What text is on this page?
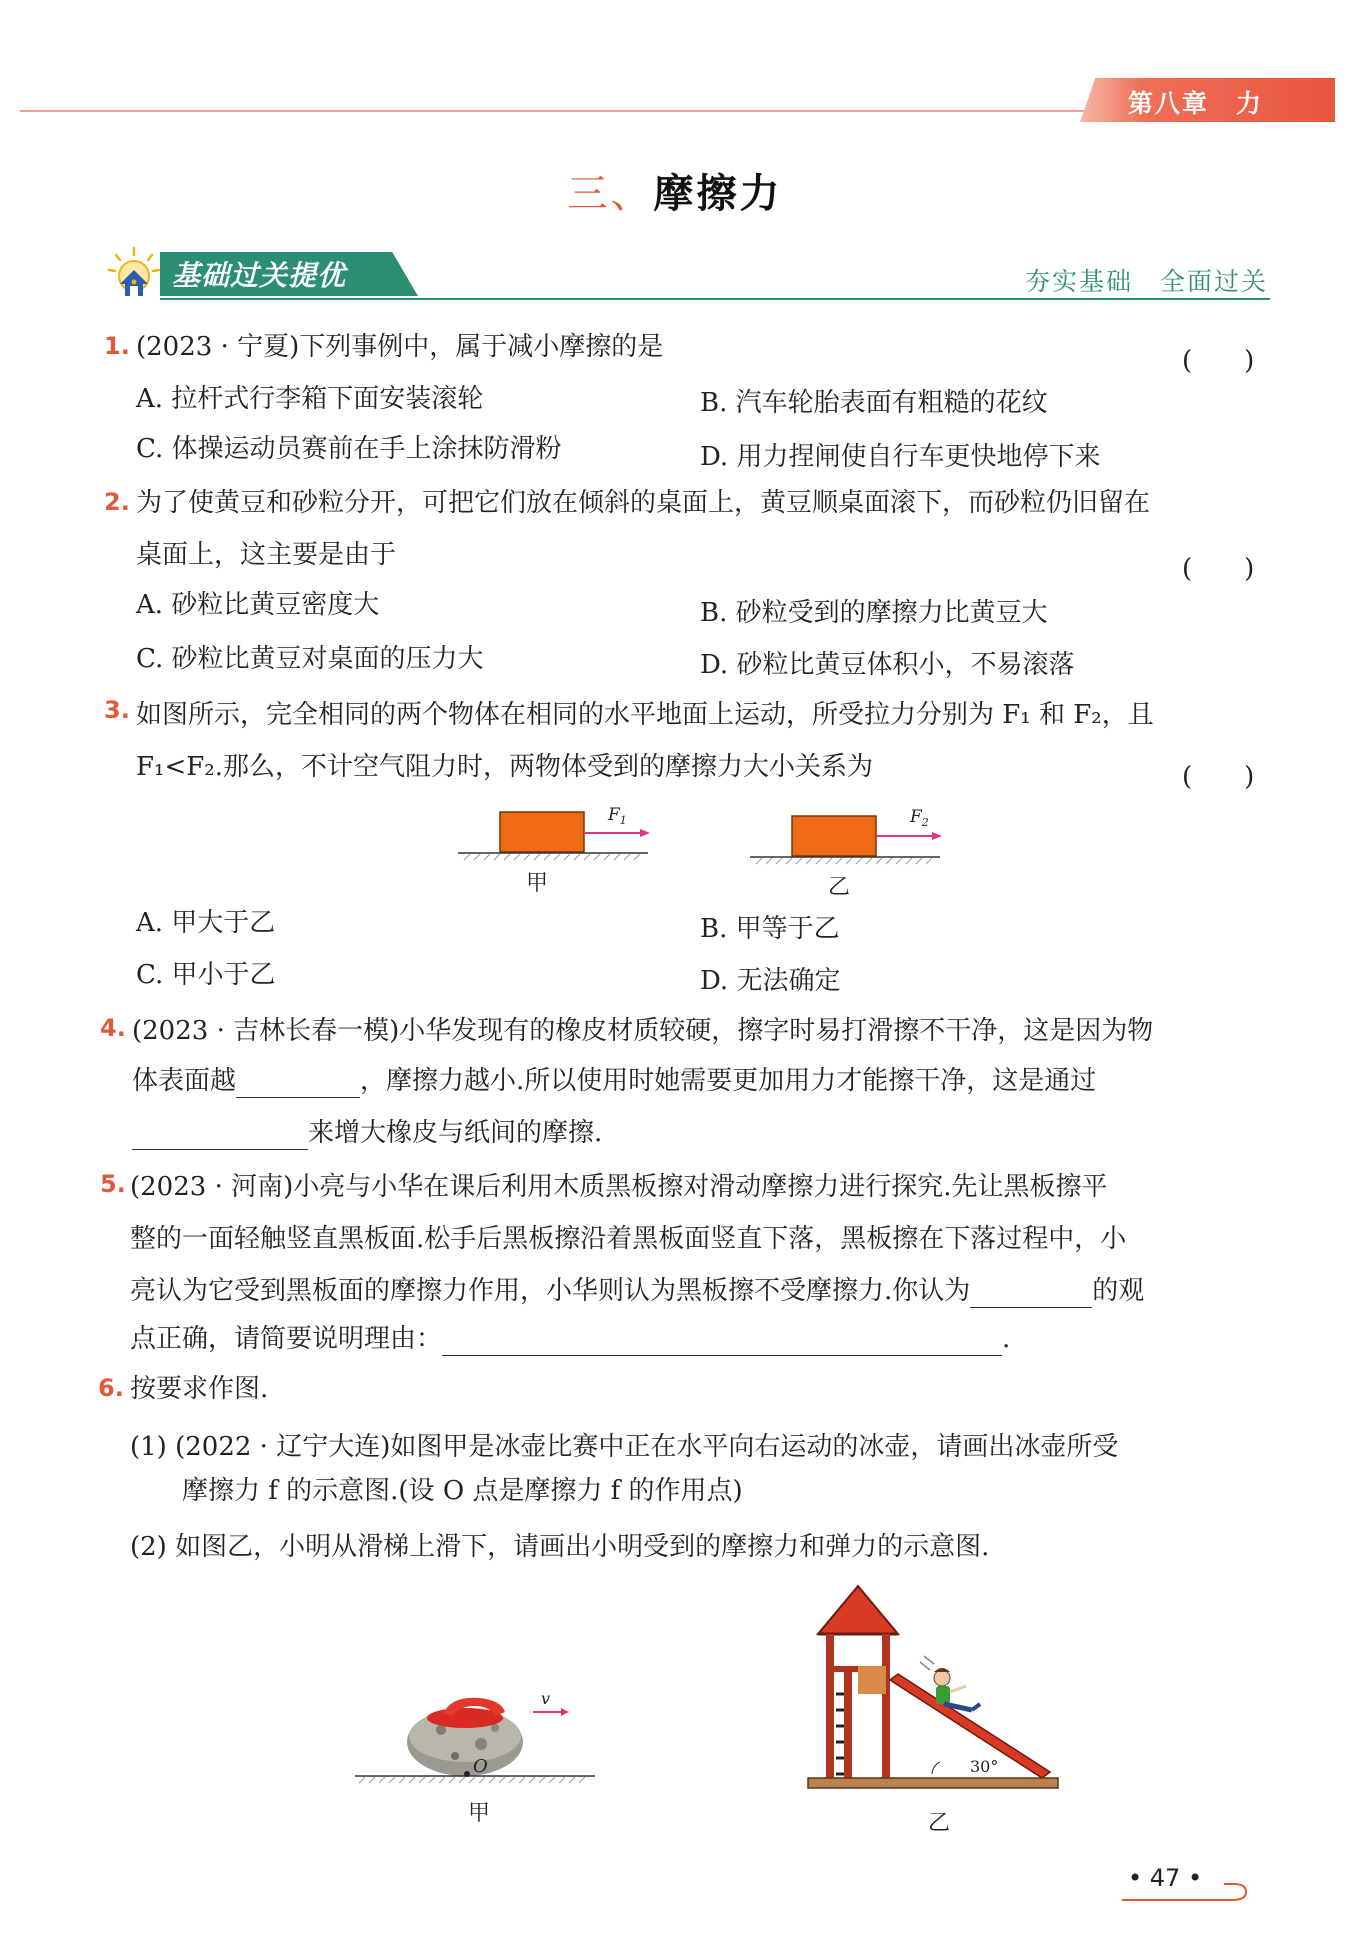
第八章　力
三、摩擦力
基础过关提优	夯实基础　全面过关
1. (2023 · 宁夏)下列事例中，属于减小摩擦的是	(　　)
A. 拉杆式行李箱下面安装滚轮	B. 汽车轮胎表面有粗糙的花纹
C. 体操运动员赛前在手上涂抹防滑粉	D. 用力捏闸使自行车更快地停下来
2. 为了使黄豆和砂粒分开，可把它们放在倾斜的桌面上，黄豆顺桌面滚下，而砂粒仍旧留在
桌面上，这主要是由于	(　　)
A. 砂粒比黄豆密度大	B. 砂粒受到的摩擦力比黄豆大
C. 砂粒比黄豆对桌面的压力大	D. 砂粒比黄豆体积小，不易滚落
3. 如图所示，完全相同的两个物体在相同的水平地面上运动，所受拉力分别为 F₁ 和 F₂，且
F₁<F₂.那么，不计空气阻力时，两物体受到的摩擦力大小关系为	(　　)
$F_1$
甲
$F_2$
乙
A. 甲大于乙	B. 甲等于乙
C. 甲小于乙	D. 无法确定
4. (2023 · 吉林长春一模)小华发现有的橡皮材质较硬，擦字时易打滑擦不干净，这是因为物
体表面越	，摩擦力越小.所以使用时她需要更加用力才能擦干净，这是通过
来增大橡皮与纸间的摩擦.
5. (2023 · 河南)小亮与小华在课后利用木质黑板擦对滑动摩擦力进行探究.先让黑板擦平
整的一面轻触竖直黑板面.松手后黑板擦沿着黑板面竖直下落，黑板擦在下落过程中，小
亮认为它受到黑板面的摩擦力作用，小华则认为黑板擦不受摩擦力.你认为	的观
点正确，请简要说明理由：	.
6. 按要求作图.
(1) (2022 · 辽宁大连)如图甲是冰壶比赛中正在水平向右运动的冰壶，请画出冰壶所受
摩擦力 f 的示意图.(设 O 点是摩擦力 f 的作用点)
(2) 如图乙，小明从滑梯上滑下，请画出小明受到的摩擦力和弹力的示意图.
O
v
甲
30°
乙
• 47 •
